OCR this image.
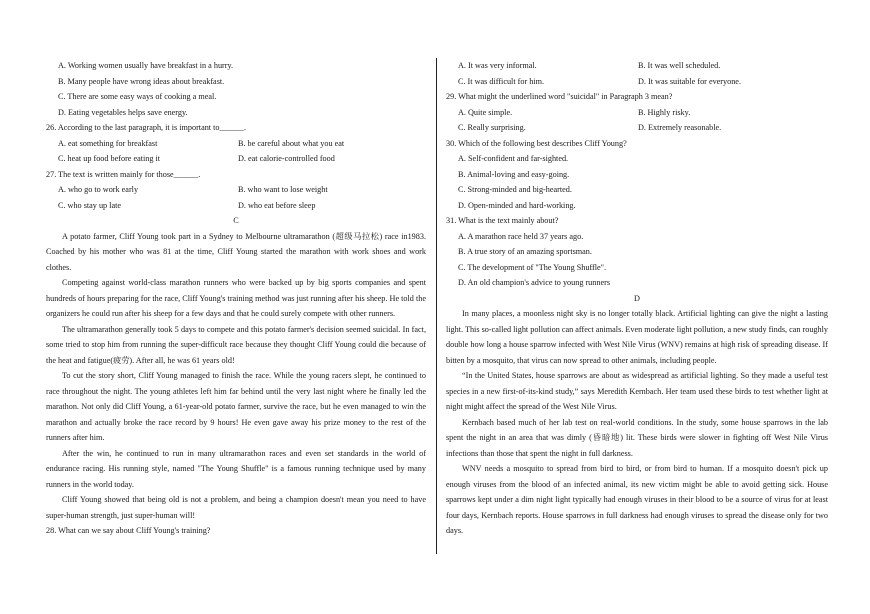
A. Working women usually have breakfast in a hurry.
B. Many people have wrong ideas about breakfast.
C. There are some easy ways of cooking a meal.
D. Eating vegetables helps save energy.
26. According to the last paragraph, it is important to______.
A. eat something for breakfast	B. be careful about what you eat
C. heat up food before eating it	D. eat calorie-controlled food
27. The text is written mainly for those______.
A. who go to work early	B. who want to lose weight
C. who stay up late	D. who eat before sleep
C
A potato farmer, Cliff Young took part in a Sydney to Melbourne ultramarathon (超级马拉松) race in1983. Coached by his mother who was 81 at the time, Cliff Young started the marathon with work shoes and work clothes.
Competing against world-class marathon runners who were backed up by big sports companies and spent hundreds of hours preparing for the race, Cliff Young's training method was just running after his sheep. He told the organizers he could run after his sheep for a few days and that he could surely compete with other runners.
The ultramarathon generally took 5 days to compete and this potato farmer's decision seemed suicidal. In fact, some tried to stop him from running the super-difficult race because they thought Cliff Young could die because of the heat and fatigue(疲劳). After all, he was 61 years old!
To cut the story short, Cliff Young managed to finish the race. While the young racers slept, he continued to race throughout the night. The young athletes left him far behind until the very last night where he finally led the marathon. Not only did Cliff Young, a 61-year-old potato farmer, survive the race, but he even managed to win the marathon and actually broke the race record by 9 hours! He even gave away his prize money to the rest of the runners after him.
After the win, he continued to run in many ultramarathon races and even set standards in the world of endurance racing. His running style, named "The Young Shuffle" is a famous running technique used by many runners in the world today.
Cliff Young showed that being old is not a problem, and being a champion doesn't mean you need to have super-human strength, just super-human will!
28. What can we say about Cliff Young's training?
A. It was very informal.	B. It was well scheduled.
C. It was difficult for him.	D. It was suitable for everyone.
29. What might the underlined word "suicidal" in Paragraph 3 mean?
A. Quite simple.	B. Highly risky.
C. Really surprising.	D. Extremely reasonable.
30. Which of the following best describes Cliff Young?
A. Self-confident and far-sighted.
B. Animal-loving and easy-going.
C. Strong-minded and big-hearted.
D. Open-minded and hard-working.
31. What is the text mainly about?
A. A marathon race held 37 years ago.
B. A true story of an amazing sportsman.
C. The development of "The Young Shuffle".
D. An old champion's advice to young runners
D
In many places, a moonless night sky is no longer totally black. Artificial lighting can give the night a lasting light. This so-called light pollution can affect animals. Even moderate light pollution, a new study finds, can roughly double how long a house sparrow infected with West Nile Virus (WNV) remains at high risk of spreading disease. If bitten by a mosquito, that virus can now spread to other animals, including people.
“In the United States, house sparrows are about as widespread as artificial lighting. So they made a useful test species in a new first-of-its-kind study,” says Meredith Kernbach. Her team used these birds to test whether light at night might affect the spread of the West Nile Virus.
Kernbach based much of her lab test on real-world conditions. In the study, some house sparrows in the lab spent the night in an area that was dimly (昏暗地) lit. These birds were slower in fighting off West Nile Virus infections than those that spent the night in full darkness.
WNV needs a mosquito to spread from bird to bird, or from bird to human. If a mosquito doesn't pick up enough viruses from the blood of an infected animal, its new victim might be able to avoid getting sick. House sparrows kept under a dim night light typically had enough viruses in their blood to be a source of virus for at least four days, Kernbach reports. House sparrows in full darkness had enough viruses to spread the disease only for two days.
